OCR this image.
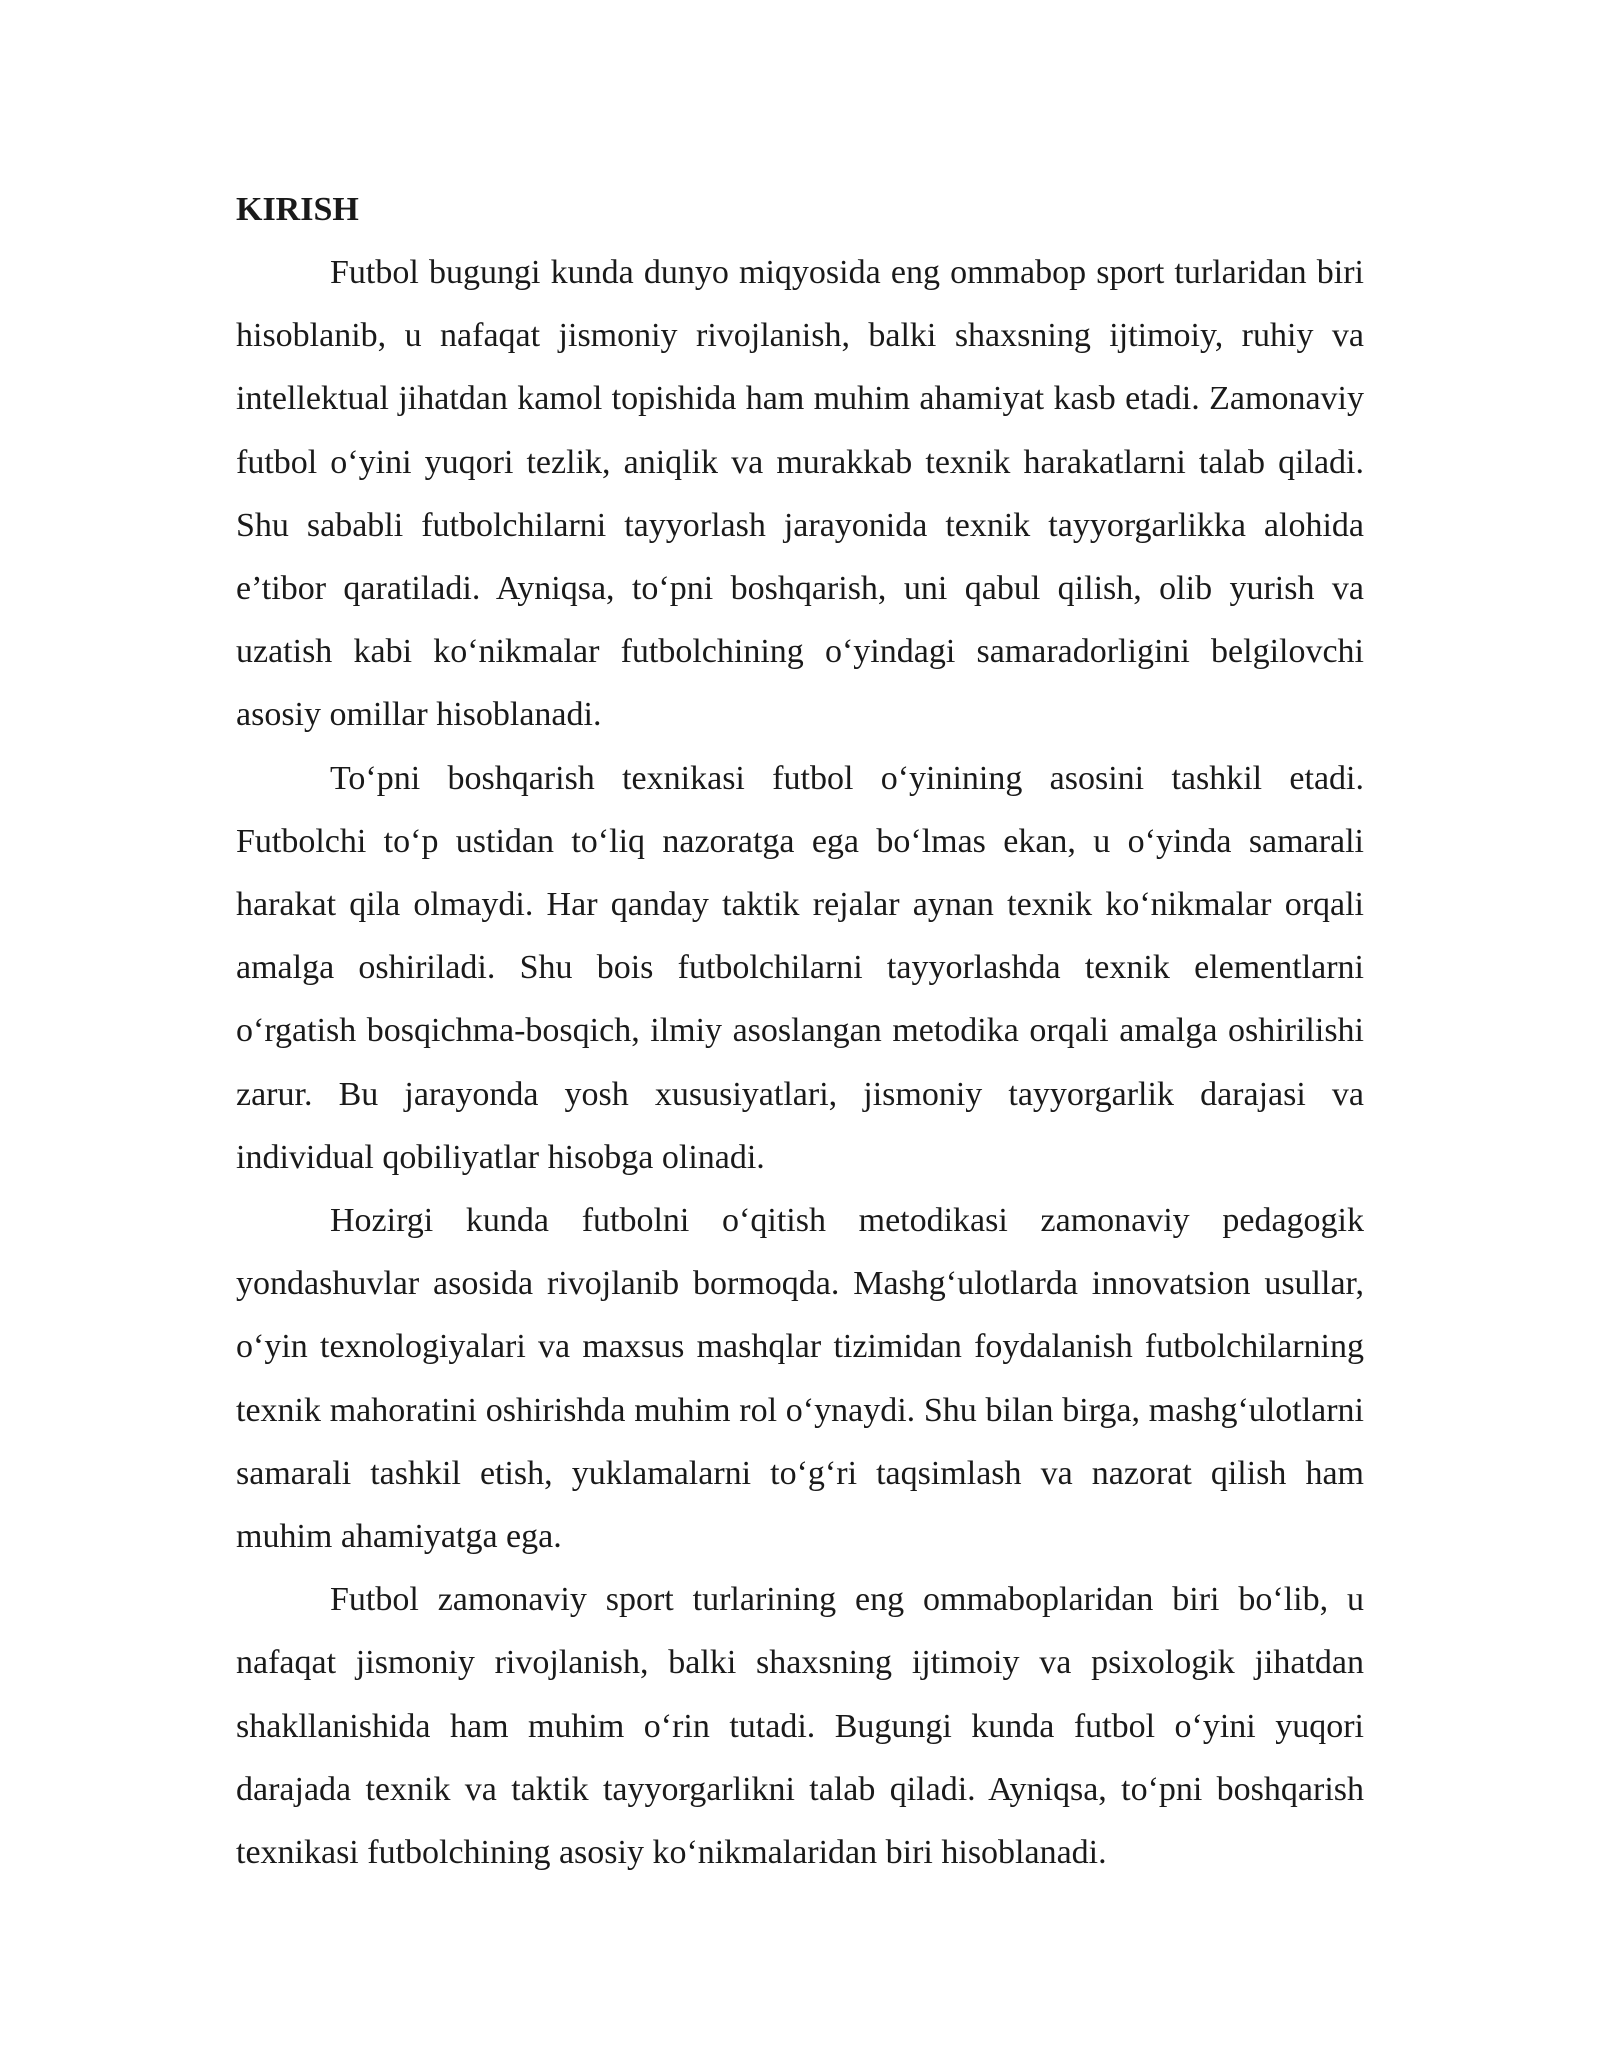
KIRISH

Futbol bugungi kunda dunyo miqyosida eng ommabop sport turlaridan biri hisoblanib, u nafaqat jismoniy rivojlanish, balki shaxsning ijtimoiy, ruhiy va intellektual jihatdan kamol topishida ham muhim ahamiyat kasb etadi. Zamonaviy futbol o‘yini yuqori tezlik, aniqlik va murakkab texnik harakatlarni talab qiladi. Shu sababli futbolchilarni tayyorlash jarayonida texnik tayyorgarlikka alohida e’tibor qaratiladi. Ayniqsa, to‘pni boshqarish, uni qabul qilish, olib yurish va uzatish kabi ko‘nikmalar futbolchining o‘yindagi samaradorligini belgilovchi asosiy omillar hisoblanadi.

To‘pni boshqarish texnikasi futbol o‘yinining asosini tashkil etadi. Futbolchi to‘p ustidan to‘liq nazoratga ega bo‘lmas ekan, u o‘yinda samarali harakat qila olmaydi. Har qanday taktik rejalar aynan texnik ko‘nikmalar orqali amalga oshiriladi. Shu bois futbolchilarni tayyorlashda texnik elementlarni o‘rgatish bosqichma-bosqich, ilmiy asoslangan metodika orqali amalga oshirilishi zarur. Bu jarayonda yosh xususiyatlari, jismoniy tayyorgarlik darajasi va individual qobiliyatlar hisobga olinadi.

Hozirgi kunda futbolni o‘qitish metodikasi zamonaviy pedagogik yondashuvlar asosida rivojlanib bormoqda. Mashg‘ulotlarda innovatsion usullar, o‘yin texnologiyalari va maxsus mashqlar tizimidan foydalanish futbolchilarning texnik mahoratini oshirishda muhim rol o‘ynaydi. Shu bilan birga, mashg‘ulotlarni samarali tashkil etish, yuklamalarni to‘g‘ri taqsimlash va nazorat qilish ham muhim ahamiyatga ega.

Futbol zamonaviy sport turlarining eng ommaboplaridan biri bo‘lib, u nafaqat jismoniy rivojlanish, balki shaxsning ijtimoiy va psixologik jihatdan shakllanishida ham muhim o‘rin tutadi. Bugungi kunda futbol o‘yini yuqori darajada texnik va taktik tayyorgarlikni talab qiladi. Ayniqsa, to‘pni boshqarish texnikasi futbolchining asosiy ko‘nikmalaridan biri hisoblanadi.
